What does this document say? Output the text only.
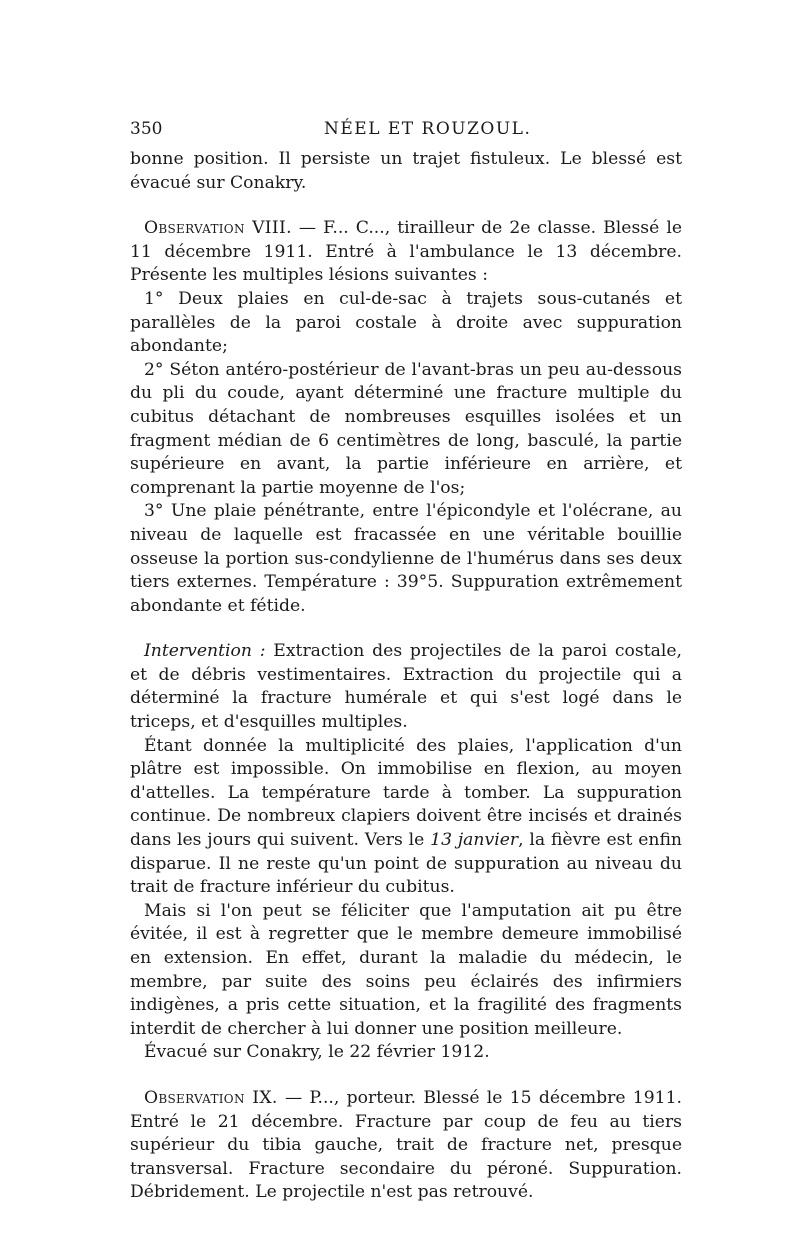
350	NÉEL ET ROUZOUL.

bonne position. Il persiste un trajet fistuleux. Le blessé est évacué sur Conakry.

Observation VIII. — F... C..., tirailleur de 2e classe. Blessé le 11 décembre 1911. Entré à l'ambulance le 13 décembre. Présente les multiples lésions suivantes :

1° Deux plaies en cul-de-sac à trajets sous-cutanés et parallèles de la paroi costale à droite avec suppuration abondante;

2° Séton antéro-postérieur de l'avant-bras un peu au-dessous du pli du coude, ayant déterminé une fracture multiple du cubitus détachant de nombreuses esquilles isolées et un fragment médian de 6 centimètres de long, basculé, la partie supérieure en avant, la partie inférieure en arrière, et comprenant la partie moyenne de l'os;

3° Une plaie pénétrante, entre l'épicondyle et l'olécrane, au niveau de laquelle est fracassée en une véritable bouillie osseuse la portion sus-condylienne de l'humérus dans ses deux tiers externes. Température : 39°5. Suppuration extrêmement abondante et fétide.

Intervention : Extraction des projectiles de la paroi costale, et de débris vestimentaires. Extraction du projectile qui a déterminé la fracture humérale et qui s'est logé dans le triceps, et d'esquilles multiples.

Étant donnée la multiplicité des plaies, l'application d'un plâtre est impossible. On immobilise en flexion, au moyen d'attelles. La température tarde à tomber. La suppuration continue. De nombreux clapiers doivent être incisés et drainés dans les jours qui suivent. Vers le 13 janvier, la fièvre est enfin disparue. Il ne reste qu'un point de suppuration au niveau du trait de fracture inférieur du cubitus.

Mais si l'on peut se féliciter que l'amputation ait pu être évitée, il est à regretter que le membre demeure immobilisé en extension. En effet, durant la maladie du médecin, le membre, par suite des soins peu éclairés des infirmiers indigènes, a pris cette situation, et la fragilité des fragments interdit de chercher à lui donner une position meilleure.

Évacué sur Conakry, le 22 février 1912.

Observation IX. — P..., porteur. Blessé le 15 décembre 1911. Entré le 21 décembre. Fracture par coup de feu au tiers supérieur du tibia gauche, trait de fracture net, presque transversal. Fracture secondaire du péroné. Suppuration. Débridement. Le projectile n'est pas retrouvé.
